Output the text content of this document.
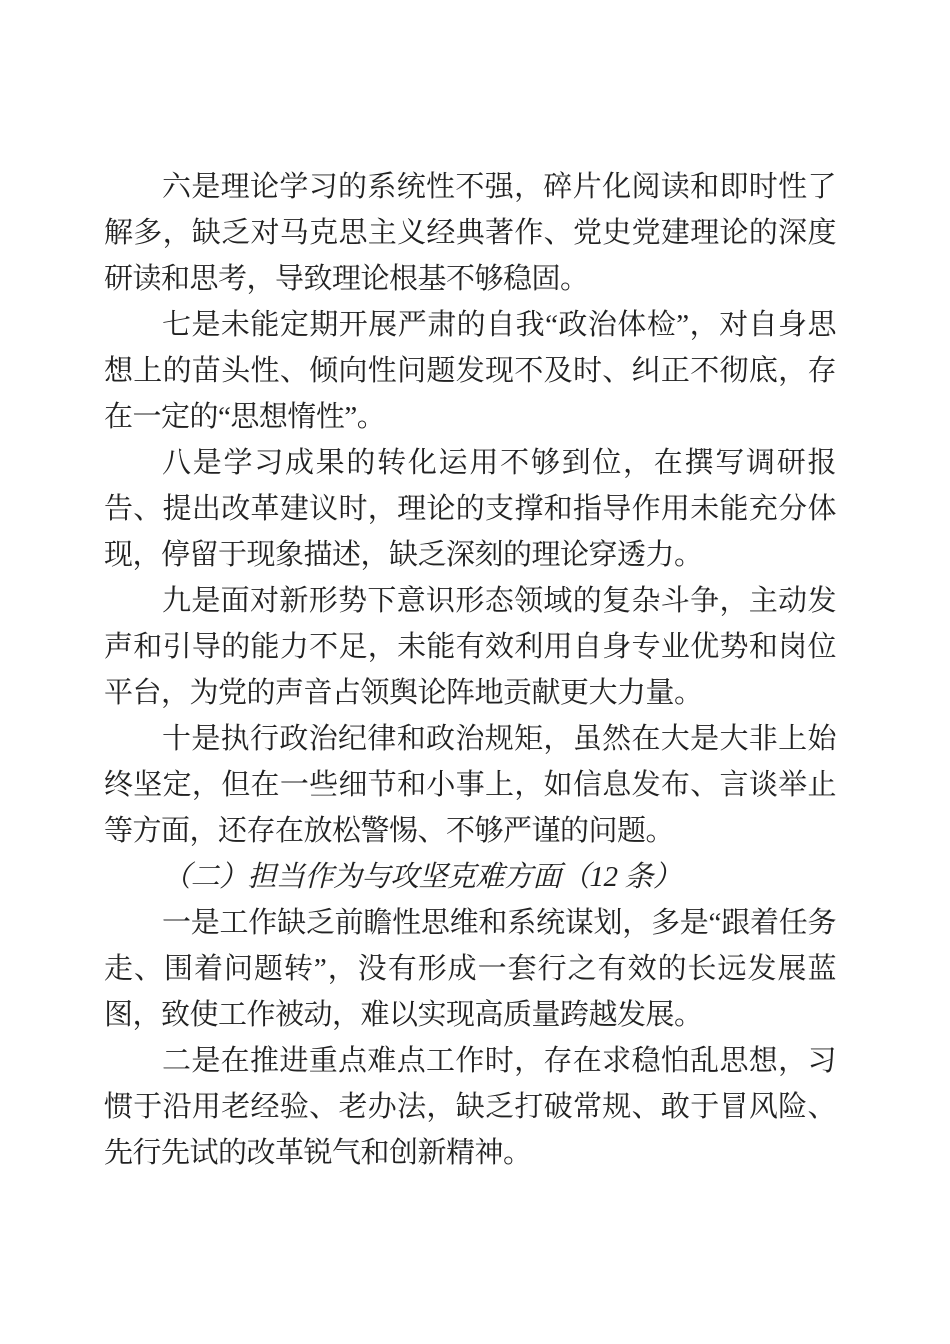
六是理论学习的系统性不强，碎片化阅读和即时性了解多，缺乏对马克思主义经典著作、党史党建理论的深度研读和思考，导致理论根基不够稳固。

七是未能定期开展严肃的自我“政治体检”，对自身思想上的苗头性、倾向性问题发现不及时、纠正不彻底，存在一定的“思想惰性”。

八是学习成果的转化运用不够到位，在撰写调研报告、提出改革建议时，理论的支撑和指导作用未能充分体现，停留于现象描述，缺乏深刻的理论穿透力。

九是面对新形势下意识形态领域的复杂斗争，主动发声和引导的能力不足，未能有效利用自身专业优势和岗位平台，为党的声音占领舆论阵地贡献更大力量。

十是执行政治纪律和政治规矩，虽然在大是大非上始终坚定，但在一些细节和小事上，如信息发布、言谈举止等方面，还存在放松警惕、不够严谨的问题。

（二）担当作为与攻坚克难方面（12 条）

一是工作缺乏前瞻性思维和系统谋划，多是“跟着任务走、围着问题转”，没有形成一套行之有效的长远发展蓝图，致使工作被动，难以实现高质量跨越发展。

二是在推进重点难点工作时，存在求稳怕乱思想，习惯于沿用老经验、老办法，缺乏打破常规、敢于冒风险、先行先试的改革锐气和创新精神。
